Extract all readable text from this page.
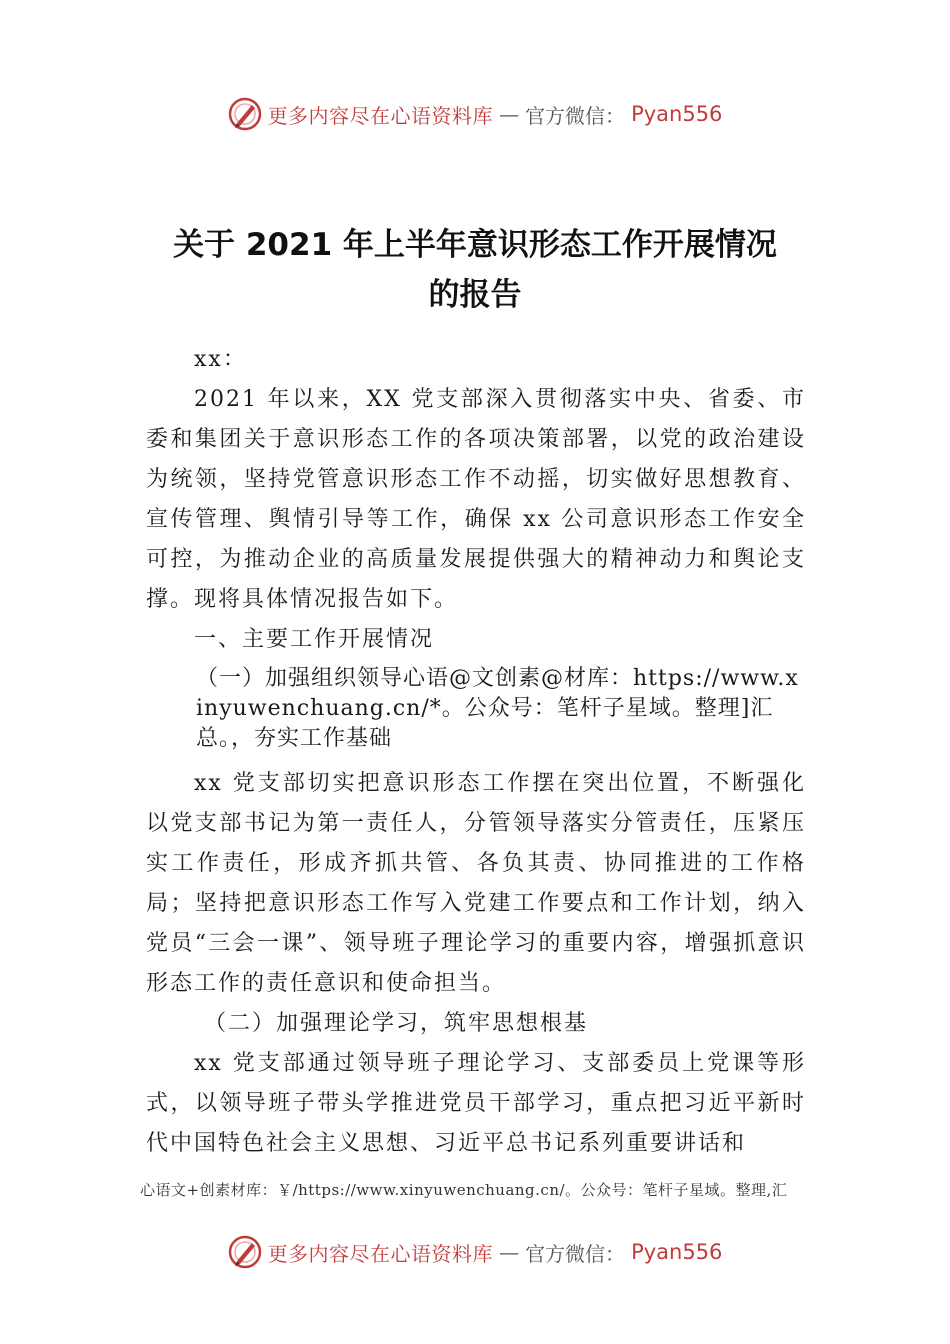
更多内容尽在心语资料库 — 官方微信： Pyan556
关于 2021 年上半年意识形态工作开展情况
的报告

xx：

2021 年以来，XX 党支部深入贯彻落实中央、省委、市委和集团关于意识形态工作的各项决策部署，以党的政治建设为统领，坚持党管意识形态工作不动摇，切实做好思想教育、宣传管理、舆情引导等工作，确保 xx 公司意识形态工作安全可控，为推动企业的高质量发展提供强大的精神动力和舆论支撑。现将具体情况报告如下。

一、主要工作开展情况

（一）加强组织领导心语@文创素@材库：https://www.xinyuwenchuang.cn/*。公众号：笔杆子星域。整理]汇总。，夯实工作基础

xx 党支部切实把意识形态工作摆在突出位置，不断强化以党支部书记为第一责任人，分管领导落实分管责任，压紧压实工作责任，形成齐抓共管、各负其责、协同推进的工作格局；坚持把意识形态工作写入党建工作要点和工作计划，纳入党员“三会一课”、领导班子理论学习的重要内容，增强抓意识形态工作的责任意识和使命担当。

（二）加强理论学习，筑牢思想根基

xx 党支部通过领导班子理论学习、支部委员上党课等形式，以领导班子带头学推进党员干部学习，重点把习近平新时代中国特色社会主义思想、习近平总书记系列重要讲话和

心语文+创素材库：￥/https://www.xinyuwenchuang.cn/。公众号：笔杆子星域。整理,汇
更多内容尽在心语资料库 — 官方微信： Pyan556
